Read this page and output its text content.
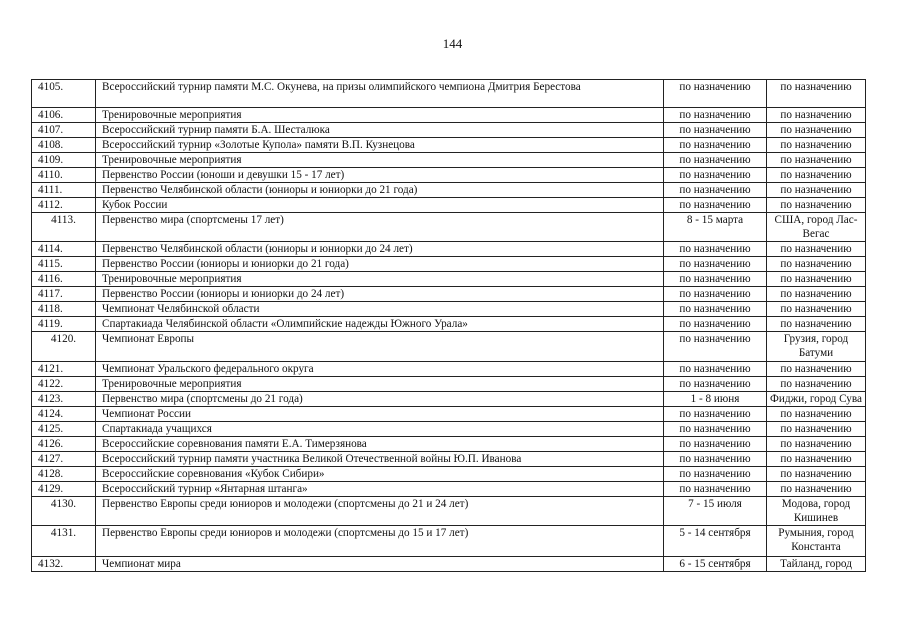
144
4105.	Всероссийский турнир памяти М.С. Окунева, на призы олимпийского чемпиона Дмитрия Берестова	по назначению	по назначению
4106.	Тренировочные мероприятия	по назначению	по назначению
4107.	Всероссийский турнир памяти Б.А. Шесталюка	по назначению	по назначению
4108.	Всероссийский турнир «Золотые Купола» памяти В.П. Кузнецова	по назначению	по назначению
4109.	Тренировочные мероприятия	по назначению	по назначению
4110.	Первенство России (юноши и девушки 15 - 17 лет)	по назначению	по назначению
4111.	Первенство Челябинской области (юниоры и юниорки до 21 года)	по назначению	по назначению
4112.	Кубок России	по назначению	по назначению
4113.	Первенство мира (спортсмены 17 лет)	8 - 15 марта	США, город Лас-Вегас
4114.	Первенство Челябинской области (юниоры и юниорки до 24 лет)	по назначению	по назначению
4115.	Первенство России (юниоры и юниорки до 21 года)	по назначению	по назначению
4116.	Тренировочные мероприятия	по назначению	по назначению
4117.	Первенство России (юниоры и юниорки до 24 лет)	по назначению	по назначению
4118.	Чемпионат Челябинской области	по назначению	по назначению
4119.	Спартакиада Челябинской области «Олимпийские надежды Южного Урала»	по назначению	по назначению
4120.	Чемпионат Европы	по назначению	Грузия, город Батуми
4121.	Чемпионат Уральского федерального округа	по назначению	по назначению
4122.	Тренировочные мероприятия	по назначению	по назначению
4123.	Первенство мира (спортсмены до 21 года)	1 - 8 июня	Фиджи, город Сува
4124.	Чемпионат России	по назначению	по назначению
4125.	Спартакиада учащихся	по назначению	по назначению
4126.	Всероссийские соревнования памяти Е.А. Тимерзянова	по назначению	по назначению
4127.	Всероссийский турнир памяти участника Великой Отечественной войны Ю.П. Иванова	по назначению	по назначению
4128.	Всероссийские соревнования «Кубок Сибири»	по назначению	по назначению
4129.	Всероссийский турнир «Янтарная штанга»	по назначению	по назначению
4130.	Первенство Европы среди юниоров и молодежи (спортсмены до 21 и 24 лет)	7 - 15 июля	Модова, город Кишинев
4131.	Первенство Европы среди юниоров и молодежи (спортсмены до 15 и 17 лет)	5 - 14 сентября	Румыния, город Константа
4132.	Чемпионат мира	6 - 15 сентября	Тайланд, город
